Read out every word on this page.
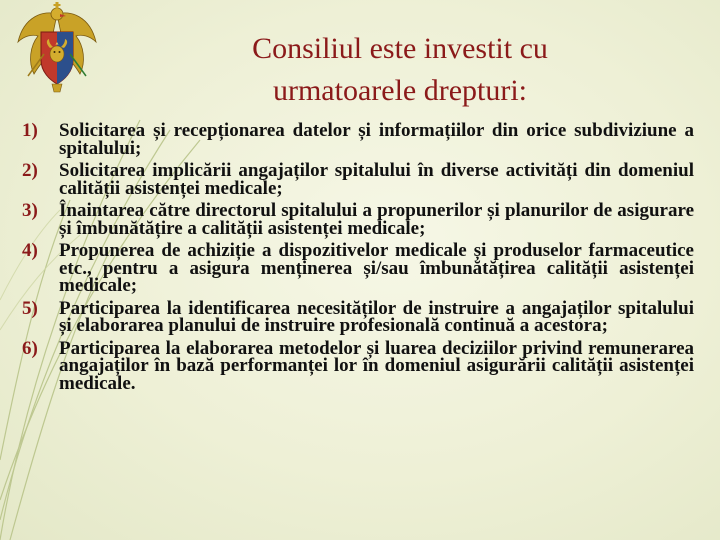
Consiliul este investit cu
urmatoarele drepturi:
1) Solicitarea și recepționarea datelor și informațiilor din orice subdiviziune a spitalului;
2) Solicitarea implicării angajaților spitalului în diverse activități din domeniul calității asistenței medicale;
3) Înaintarea către directorul spitalului a propunerilor și planurilor de asigurare și îmbunătățire a calității asistenței medicale;
4) Propunerea de achiziție a dispozitivelor medicale și produselor farmaceutice etc., pentru a asigura menținerea și/sau îmbunătățirea calității asistenței medicale;
5) Participarea la identificarea necesităților de instruire a angajaților spitalului și elaborarea planului de instruire profesională continuă a acestora;
6) Participarea la elaborarea metodelor și luarea deciziilor privind remunerarea angajaților în bază performanței lor în domeniul asigurării calității asistenței medicale.
